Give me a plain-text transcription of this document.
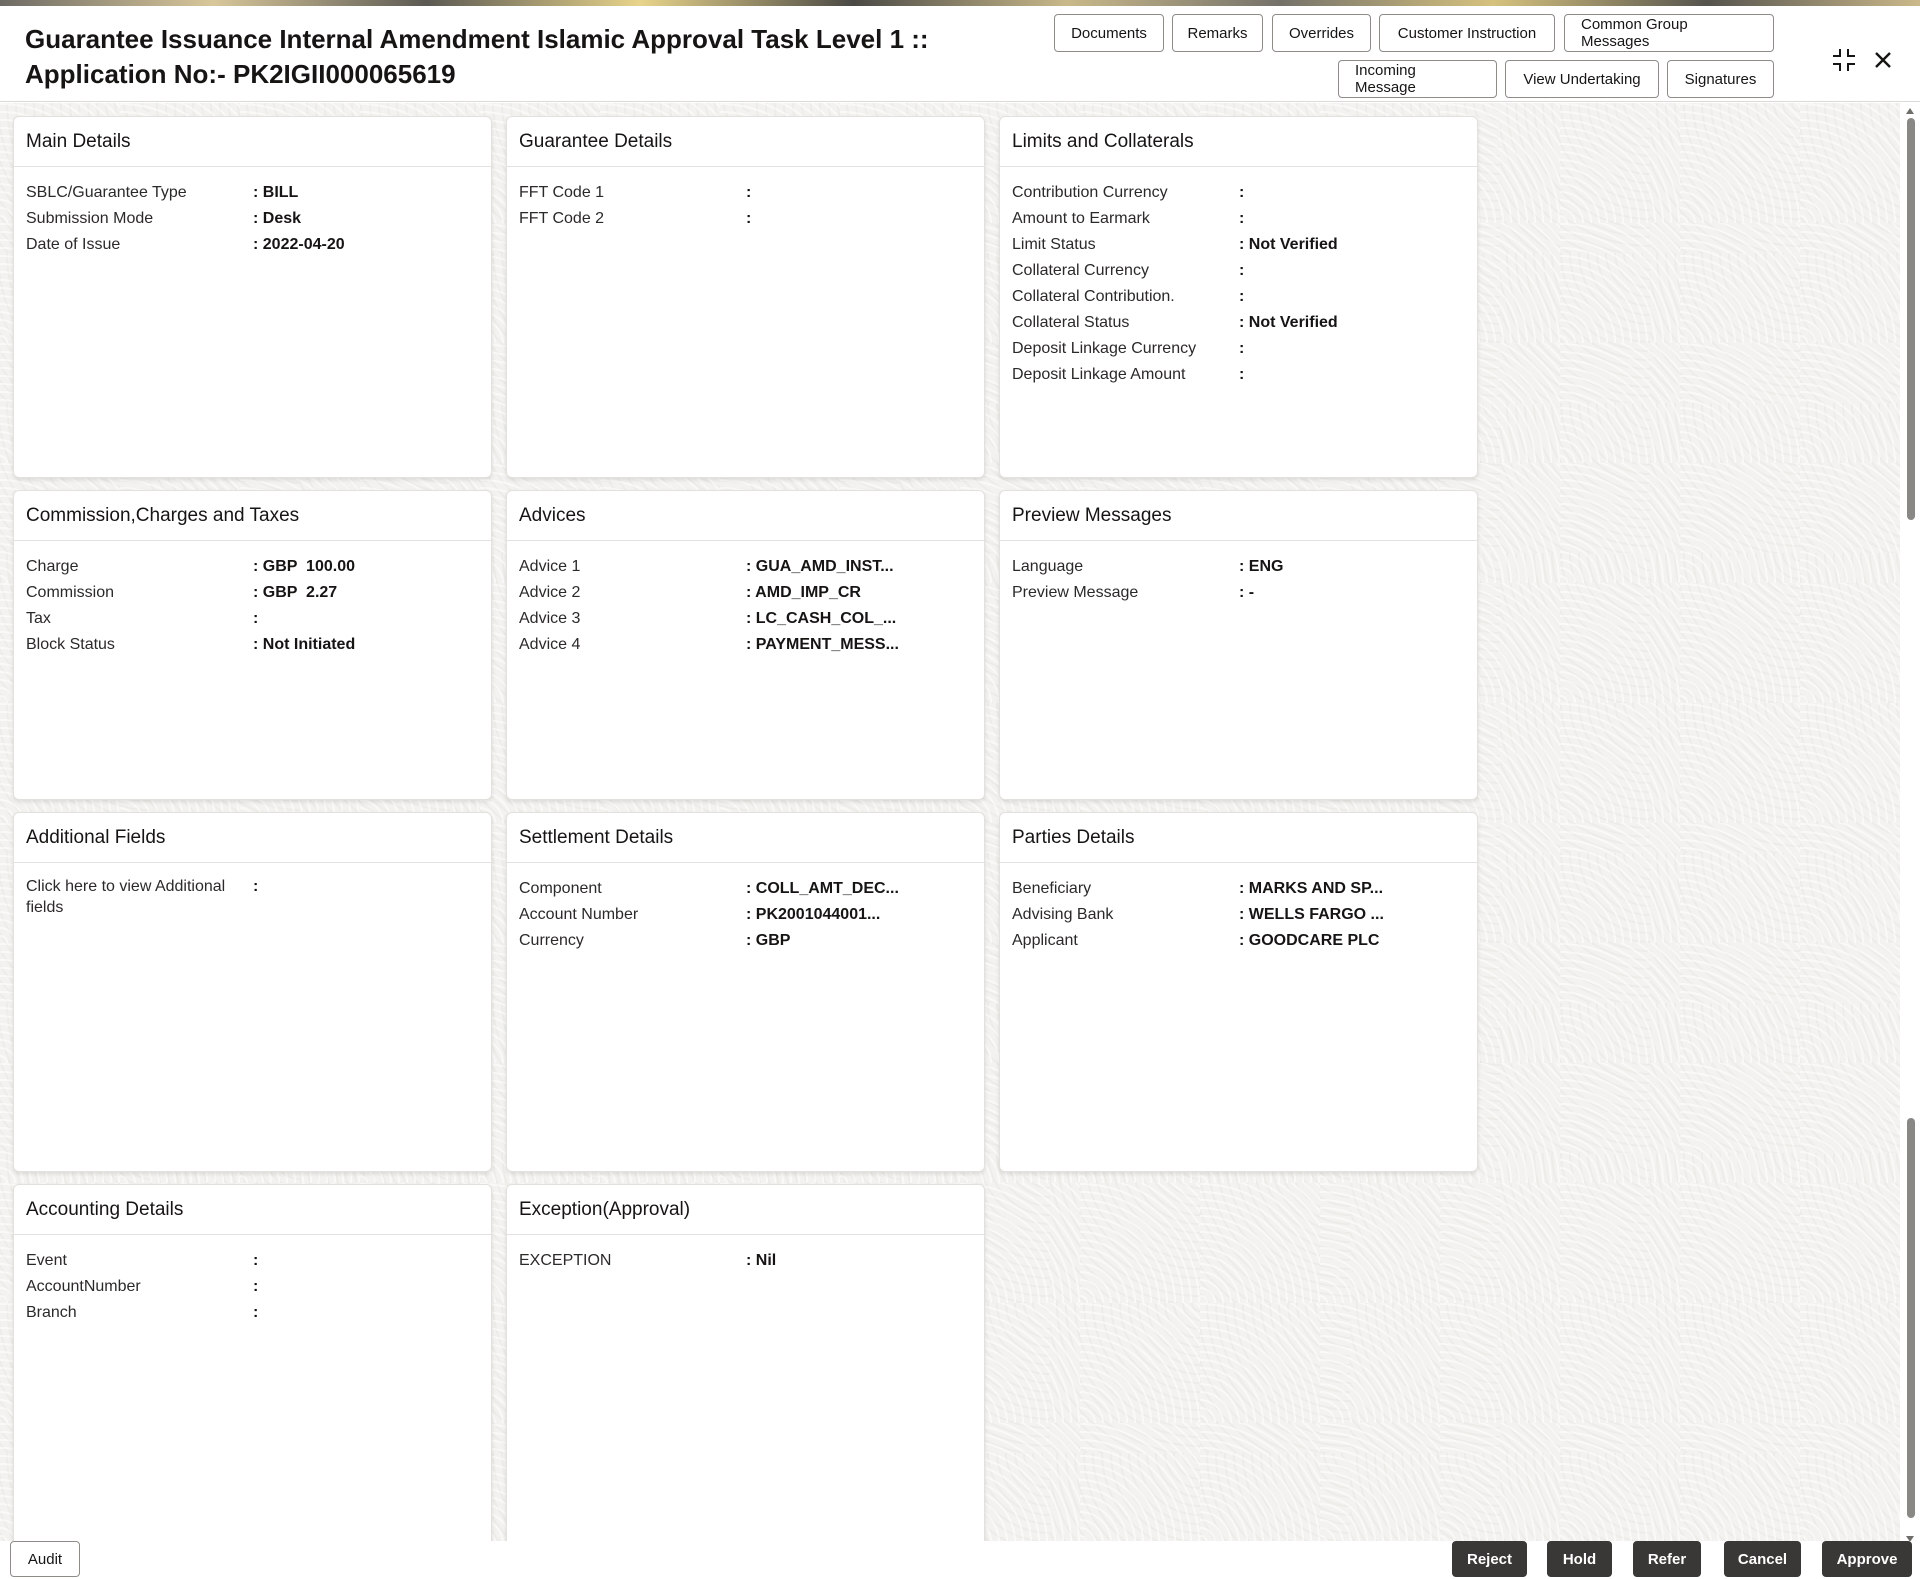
Guarantee Issuance Internal Amendment Islamic Approval Task Level 1 ::
Application No:- PK2IGII000065619
Documents	Remarks	Overrides	Customer Instruction	Common Group Messages
Incoming Message	View Undertaking	Signatures
Main Details
SBLC/Guarantee Type	: BILL
Submission Mode	: Desk
Date of Issue	: 2022-04-20
Guarantee Details
FFT Code 1	:
FFT Code 2	:
Limits and Collaterals
Contribution Currency	:
Amount to Earmark	:
Limit Status	: Not Verified
Collateral Currency	:
Collateral Contribution.	:
Collateral Status	: Not Verified
Deposit Linkage Currency	:
Deposit Linkage Amount	:
Commission,Charges and Taxes
Charge	: GBP  100.00
Commission	: GBP  2.27
Tax	:
Block Status	: Not Initiated
Advices
Advice 1	: GUA_AMD_INST...
Advice 2	: AMD_IMP_CR
Advice 3	: LC_CASH_COL_...
Advice 4	: PAYMENT_MESS...
Preview Messages
Language	: ENG
Preview Message	: -
Additional Fields
Click here to view Additional fields
:
Settlement Details
Component	: COLL_AMT_DEC...
Account Number	: PK2001044001...
Currency	: GBP
Parties Details
Beneficiary	: MARKS AND SP...
Advising Bank	: WELLS FARGO ...
Applicant	: GOODCARE PLC
Accounting Details
Event	:
AccountNumber	:
Branch	:
Exception(Approval)
EXCEPTION	: Nil
Audit	Reject	Hold	Refer	Cancel	Approve
